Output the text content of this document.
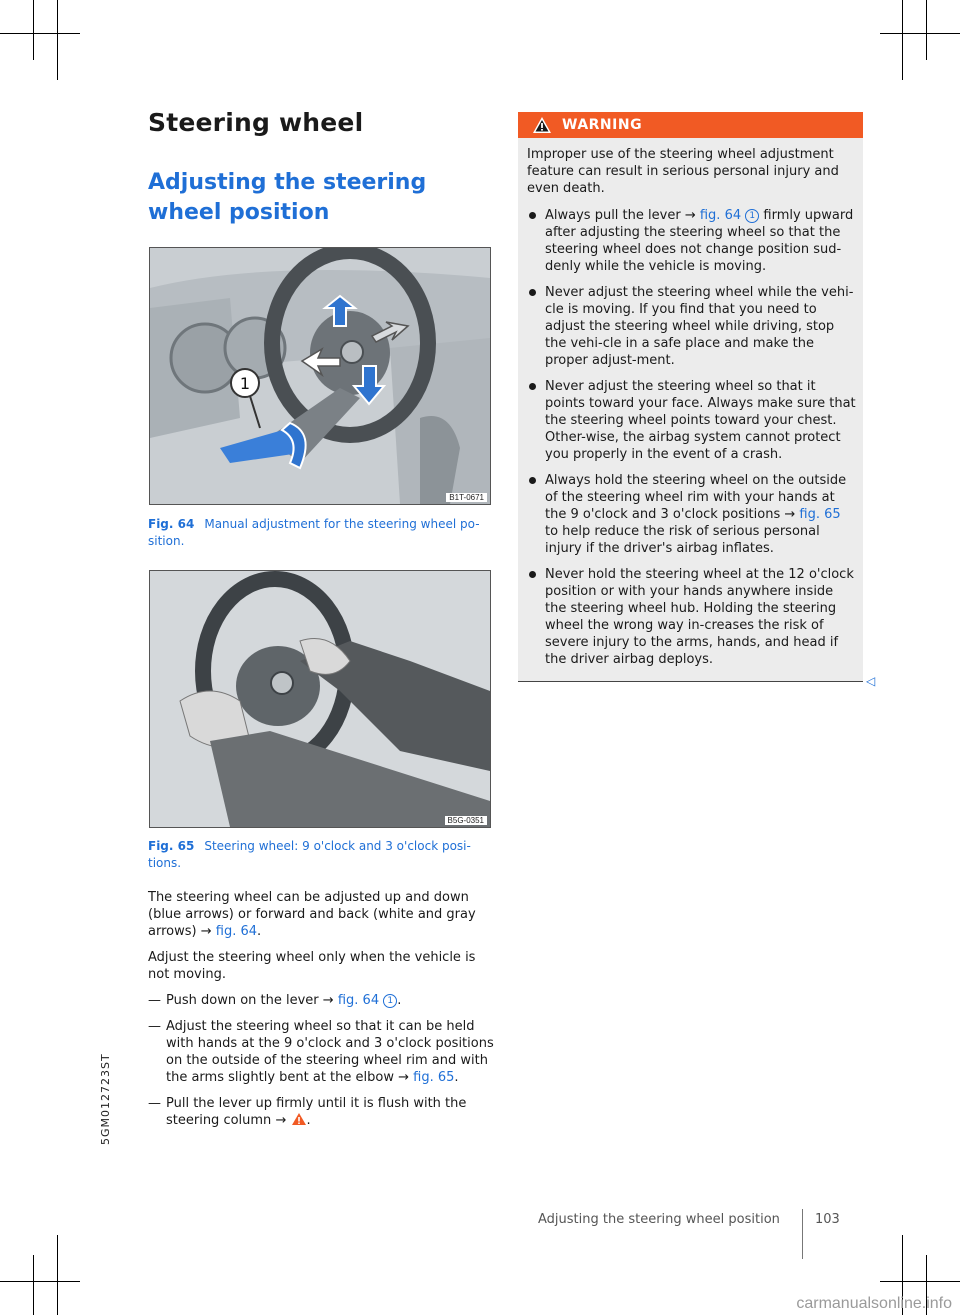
Steering wheel
Adjusting the steering wheel position
1
B1T-0671
Fig. 64 Manual adjustment for the steering wheel po-sition.
B5G-0351
Fig. 65 Steering wheel: 9 o'clock and 3 o'clock posi-tions.

The steering wheel can be adjusted up and down (blue arrows) or forward and back (white and gray arrows) → fig. 64.

Adjust the steering wheel only when the vehicle is not moving.

— Push down on the lever → fig. 64 1 .
— Adjust the steering wheel so that it can be held with hands at the 9 o'clock and 3 o'clock positions on the outside of the steering wheel rim and with the arms slightly bent at the elbow → fig. 65.
— Pull the lever up firmly until it is flush with the steering column → .
WARNING

Improper use of the steering wheel adjustment feature can result in serious personal injury and even death.

Always pull the lever → fig. 64 1 firmly upward after adjusting the steering wheel so that the steering wheel does not change position sud-denly while the vehicle is moving.
Never adjust the steering wheel while the vehi-cle is moving. If you find that you need to adjust the steering wheel while driving, stop the vehi-cle in a safe place and make the proper adjust-ment.
Never adjust the steering wheel so that it points toward your face. Always make sure that the steering wheel points toward your chest. Other-wise, the airbag system cannot protect you properly in the event of a crash.
Always hold the steering wheel on the outside of the steering wheel rim with your hands at the 9 o'clock and 3 o'clock positions → fig. 65 to help reduce the risk of serious personal injury if the driver's airbag inflates.
Never hold the steering wheel at the 12 o'clock position or with your hands anywhere inside the steering wheel hub. Holding the steering wheel the wrong way in-creases the risk of severe injury to the arms, hands, and head if the driver airbag deploys.
◁
5GM012723ST
Adjusting the steering wheel position	103
carmanualsonline.info
